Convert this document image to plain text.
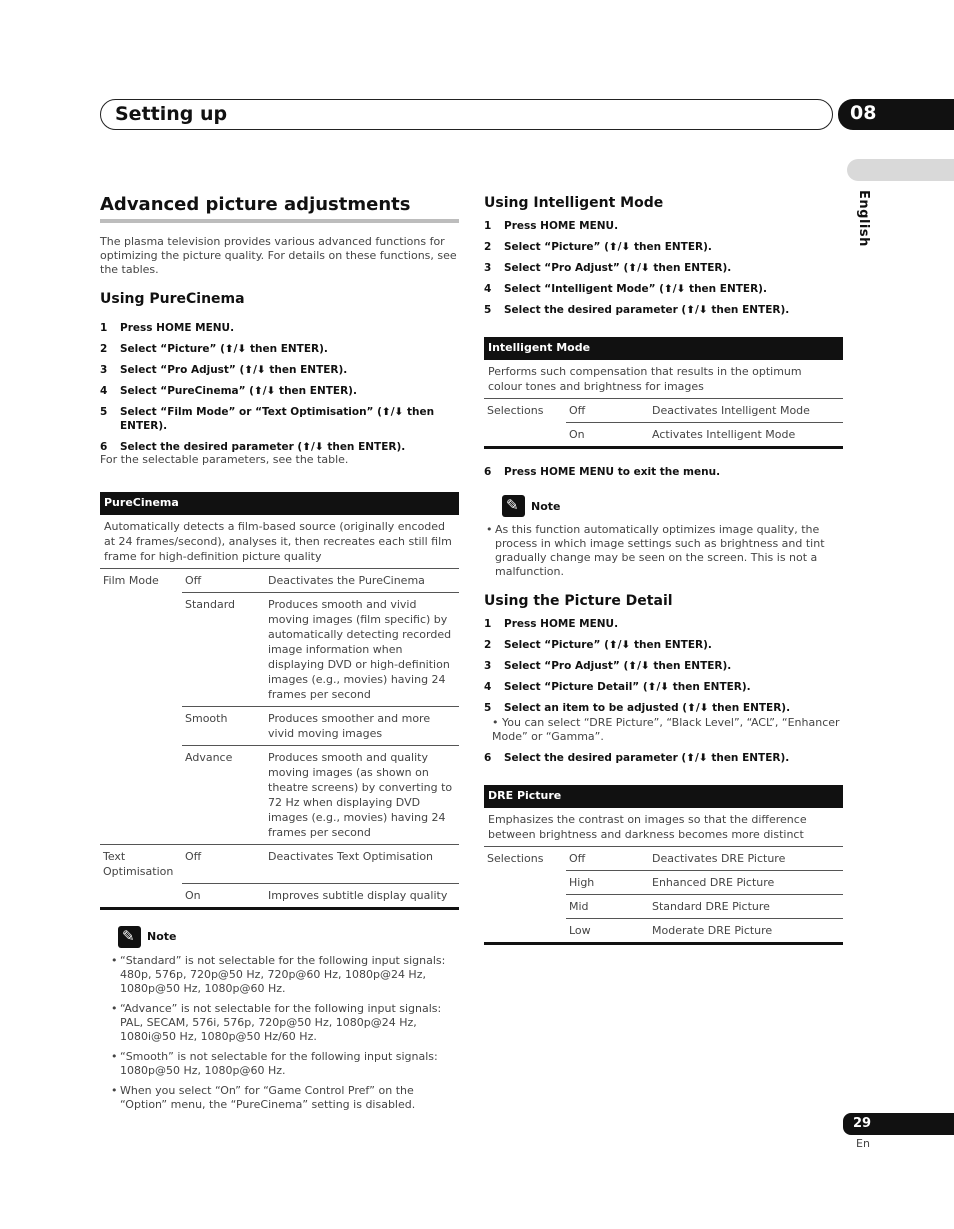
Setting up	08
English
Advanced picture adjustments

The plasma television provides various advanced functions for optimizing the picture quality. For details on these functions, see the tables.

Using PureCinema
1	Press HOME MENU.
2	Select “Picture” (⬆/⬇ then ENTER).
3	Select “Pro Adjust” (⬆/⬇ then ENTER).
4	Select “PureCinema” (⬆/⬇ then ENTER).
5	Select “Film Mode” or “Text Optimisation” (⬆/⬇ then ENTER).
6	Select the desired parameter (⬆/⬇ then ENTER).

For the selectable parameters, see the table.

PureCinema
Automatically detects a film-based source (originally encoded at 24 frames/second), analyses it, then recreates each still film frame for high-definition picture quality
Film Mode	Off	Deactivates the PureCinema
	Standard	Produces smooth and vivid moving images (film specific) by automatically detecting recorded image information when displaying DVD or high-definition images (e.g., movies) having 24 frames per second
	Smooth	Produces smoother and more vivid moving images
	Advance	Produces smooth and quality moving images (as shown on theatre screens) by converting to 72 Hz when displaying DVD images (e.g., movies) having 24 frames per second
Text Optimisation	Off	Deactivates Text Optimisation
	On	Improves subtitle display quality
✎
Note
• “Standard” is not selectable for the following input signals: 480p, 576p, 720p@50 Hz, 720p@60 Hz, 1080p@24 Hz, 1080p@50 Hz, 1080p@60 Hz.
• “Advance” is not selectable for the following input signals: PAL, SECAM, 576i, 576p, 720p@50 Hz, 1080p@24 Hz, 1080i@50 Hz, 1080p@50 Hz/60 Hz.
• “Smooth” is not selectable for the following input signals: 1080p@50 Hz, 1080p@60 Hz.
• When you select “On” for “Game Control Pref” on the “Option” menu, the “PureCinema” setting is disabled.
Using Intelligent Mode
1	Press HOME MENU.
2	Select “Picture” (⬆/⬇ then ENTER).
3	Select “Pro Adjust” (⬆/⬇ then ENTER).
4	Select “Intelligent Mode” (⬆/⬇ then ENTER).
5	Select the desired parameter (⬆/⬇ then ENTER).
Intelligent Mode
Performs such compensation that results in the optimum colour tones and brightness for images
Selections	Off	Deactivates Intelligent Mode
	On	Activates Intelligent Mode
6	Press HOME MENU to exit the menu.
✎
Note
• As this function automatically optimizes image quality, the process in which image settings such as brightness and tint gradually change may be seen on the screen. This is not a malfunction.
Using the Picture Detail
1	Press HOME MENU.
2	Select “Picture” (⬆/⬇ then ENTER).
3	Select “Pro Adjust” (⬆/⬇ then ENTER).
4	Select “Picture Detail” (⬆/⬇ then ENTER).
5	Select an item to be adjusted (⬆/⬇ then ENTER).
• You can select “DRE Picture”, “Black Level”, “ACL”, “Enhancer Mode” or “Gamma”.
6	Select the desired parameter (⬆/⬇ then ENTER).
DRE Picture
Emphasizes the contrast on images so that the difference between brightness and darkness becomes more distinct
Selections	Off	Deactivates DRE Picture
	High	Enhanced DRE Picture
	Mid	Standard DRE Picture
	Low	Moderate DRE Picture
29
En
